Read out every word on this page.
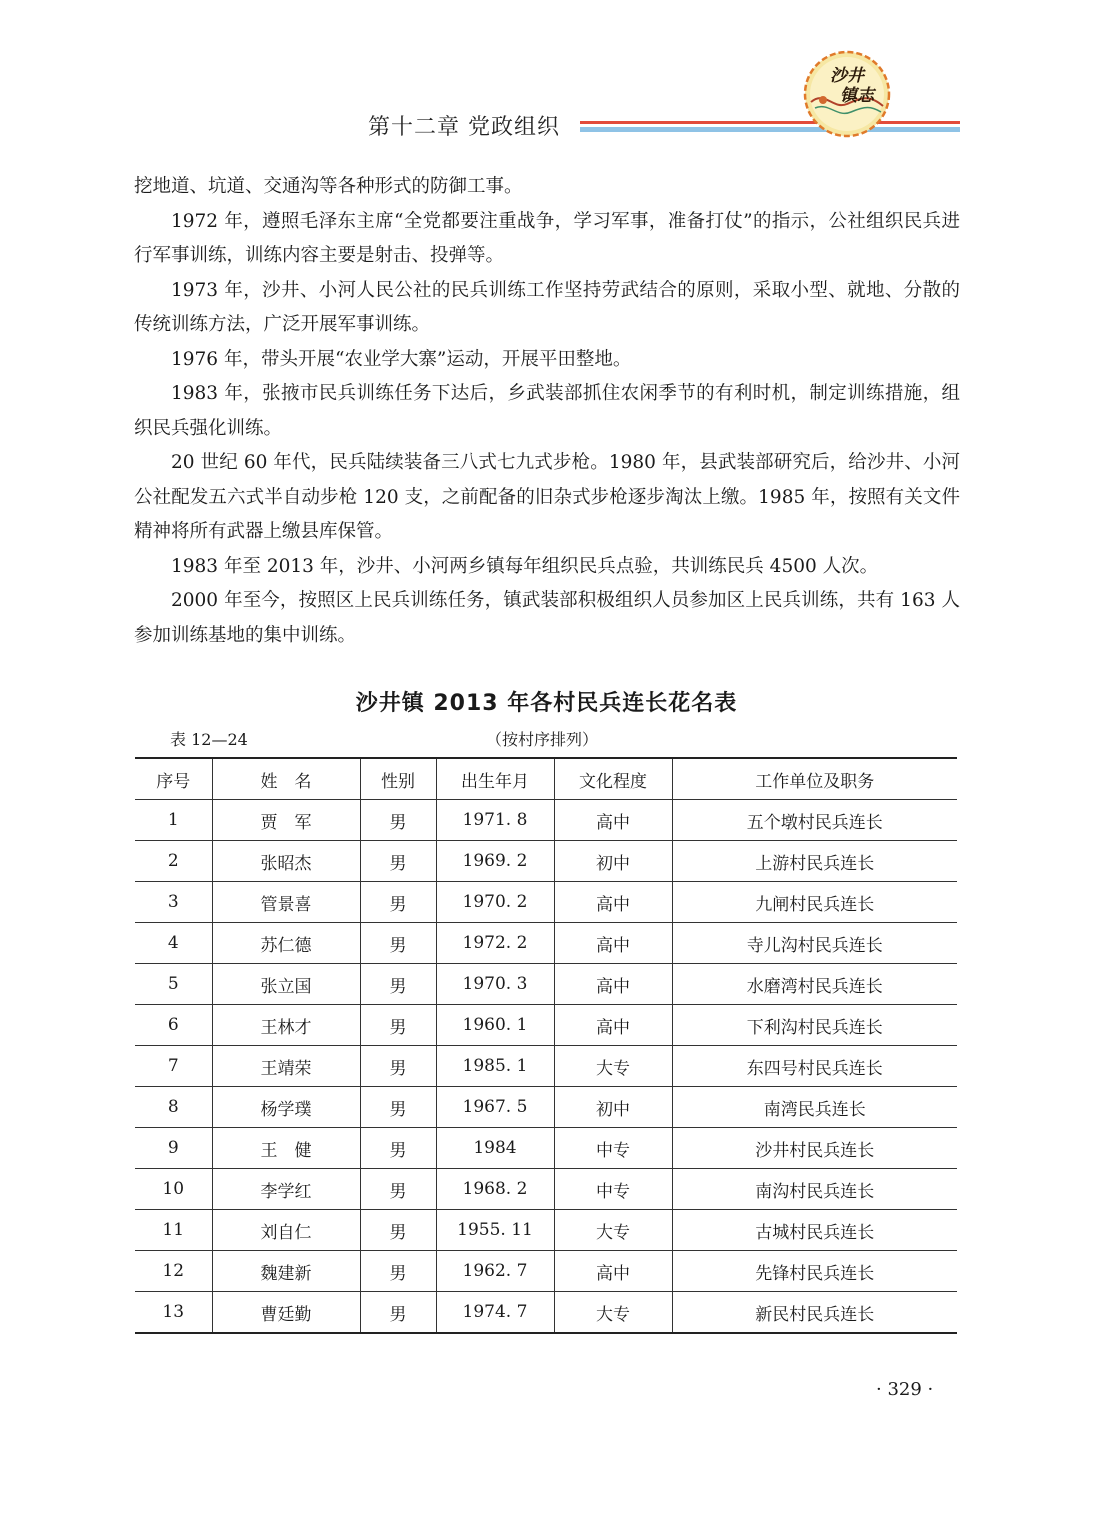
第十二章 党政组织
沙井
镇志

挖地道、坑道、交通沟等各种形式的防御工事。

1972 年，遵照毛泽东主席“全党都要注重战争，学习军事，准备打仗”的指示，公社组织民兵进行军事训练，训练内容主要是射击、投弹等。

1973 年，沙井、小河人民公社的民兵训练工作坚持劳武结合的原则，采取小型、就地、分散的传统训练方法，广泛开展军事训练。

1976 年，带头开展“农业学大寨”运动，开展平田整地。

1983 年，张掖市民兵训练任务下达后，乡武装部抓住农闲季节的有利时机，制定训练措施，组织民兵强化训练。

20 世纪 60 年代，民兵陆续装备三八式七九式步枪。1980 年，县武装部研究后，给沙井、小河公社配发五六式半自动步枪 120 支，之前配备的旧杂式步枪逐步淘汰上缴。1985 年，按照有关文件精神将所有武器上缴县库保管。

1983 年至 2013 年，沙井、小河两乡镇每年组织民兵点验，共训练民兵 4500 人次。

2000 年至今，按照区上民兵训练任务，镇武装部积极组织人员参加区上民兵训练，共有 163 人参加训练基地的集中训练。

沙井镇 2013 年各村民兵连长花名表
表 12—24	（按村序排列）
序号	姓　名	性别	出生年月	文化程度	工作单位及职务
1	贾　军	男	1971. 8	高中	五个墩村民兵连长
2	张昭杰	男	1969. 2	初中	上游村民兵连长
3	管景喜	男	1970. 2	高中	九闸村民兵连长
4	苏仁德	男	1972. 2	高中	寺儿沟村民兵连长
5	张立国	男	1970. 3	高中	水磨湾村民兵连长
6	王林才	男	1960. 1	高中	下利沟村民兵连长
7	王靖荣	男	1985. 1	大专	东四号村民兵连长
8	杨学璞	男	1967. 5	初中	南湾民兵连长
9	王　健	男	1984	中专	沙井村民兵连长
10	李学红	男	1968. 2	中专	南沟村民兵连长
11	刘自仁	男	1955. 11	大专	古城村民兵连长
12	魏建新	男	1962. 7	高中	先锋村民兵连长
13	曹廷勤	男	1974. 7	大专	新民村民兵连长
· 329 ·
